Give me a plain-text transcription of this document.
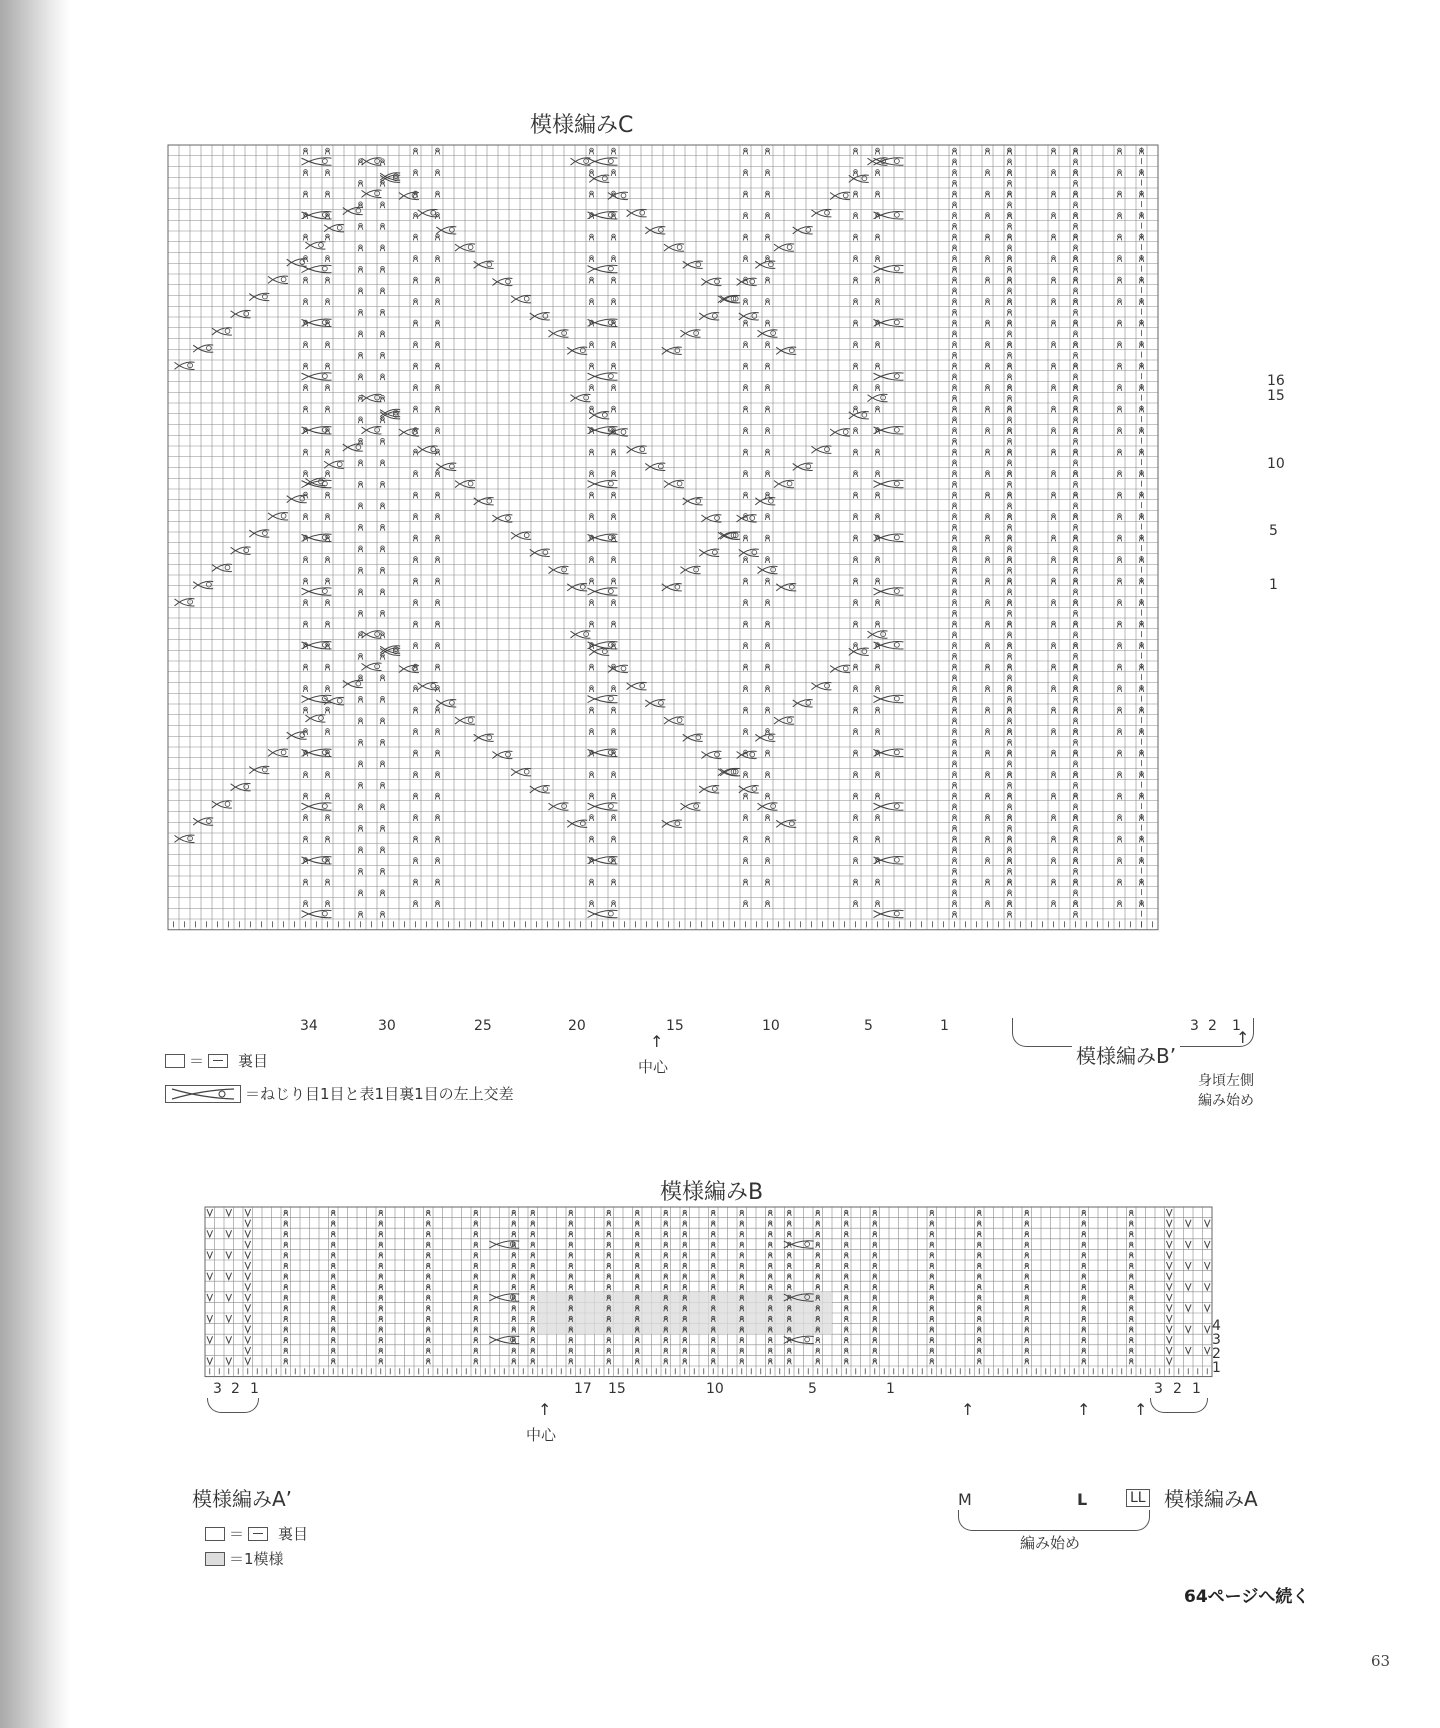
模様編みC
34	30	25	20	15	10	5	1	3 2 1
16
15
10
5
1
↑
中心	模様編みB’
↑
身頃左側
編み始め
＝ 裏目
＝ねじり目1目と表1目裏1目の左上交差
模様編みB
3 2 1	17 15	10	5	1	3 2 1
4
3
2
1
模様編みA’
↑
中心
↑
M
↑
L
↑
LL
編み始め
模様編みA
＝ 裏目
＝1模様
64ページへ続く
63
